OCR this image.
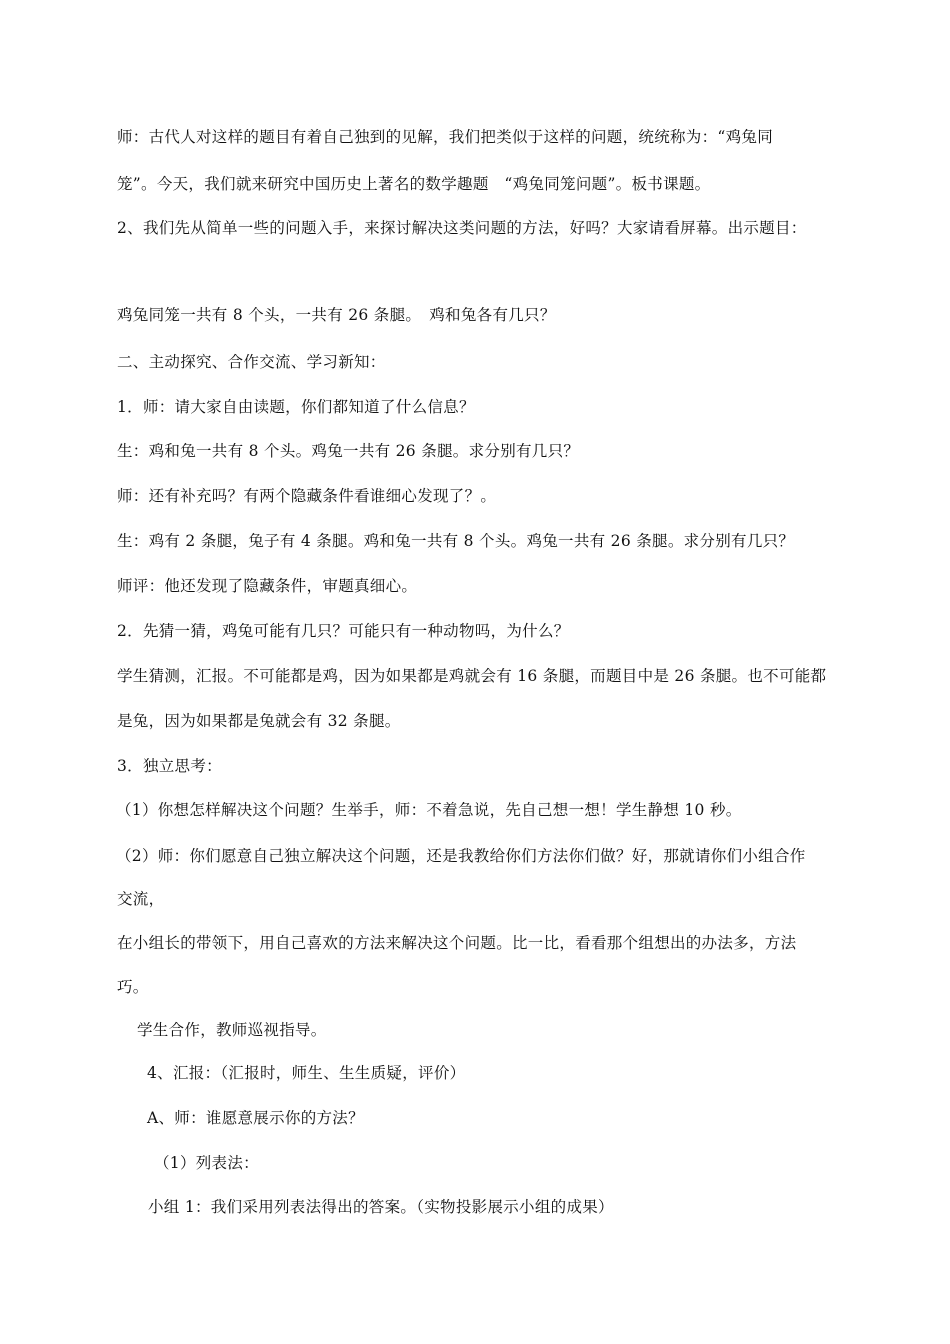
师：古代人对这样的题目有着自己独到的见解，我们把类似于这样的问题，统统称为：“鸡兔同
笼”。今天，我们就来研究中国历史上著名的数学趣题　“鸡兔同笼问题”。板书课题。
2、我们先从简单一些的问题入手，来探讨解决这类问题的方法，好吗？大家请看屏幕。出示题目：
鸡兔同笼一共有 8 个头，一共有 26 条腿。　鸡和兔各有几只？
二、主动探究、合作交流、学习新知：
1．师：请大家自由读题，你们都知道了什么信息？
生：鸡和兔一共有 8 个头。鸡兔一共有 26 条腿。求分别有几只？
师：还有补充吗？有两个隐藏条件看谁细心发现了？。
生：鸡有 2 条腿，兔子有 4 条腿。鸡和兔一共有 8 个头。鸡兔一共有 26 条腿。求分别有几只？
师评：他还发现了隐藏条件，审题真细心。
2．先猜一猜，鸡兔可能有几只？可能只有一种动物吗，为什么？
学生猜测，汇报。不可能都是鸡，因为如果都是鸡就会有 16 条腿，而题目中是 26 条腿。也不可能都
是兔，因为如果都是兔就会有 32 条腿。
3．独立思考：
（1）你想怎样解决这个问题？生举手，师：不着急说，先自己想一想！学生静想 10 秒。
（2）师：你们愿意自己独立解决这个问题，还是我教给你们方法你们做？好，那就请你们小组合作
交流，
在小组长的带领下，用自己喜欢的方法来解决这个问题。比一比，看看那个组想出的办法多，方法
巧。
学生合作，教师巡视指导。
4、汇报：（汇报时，师生、生生质疑，评价）
A、师：谁愿意展示你的方法？
（1）列表法：
小组 1：我们采用列表法得出的答案。（实物投影展示小组的成果）
